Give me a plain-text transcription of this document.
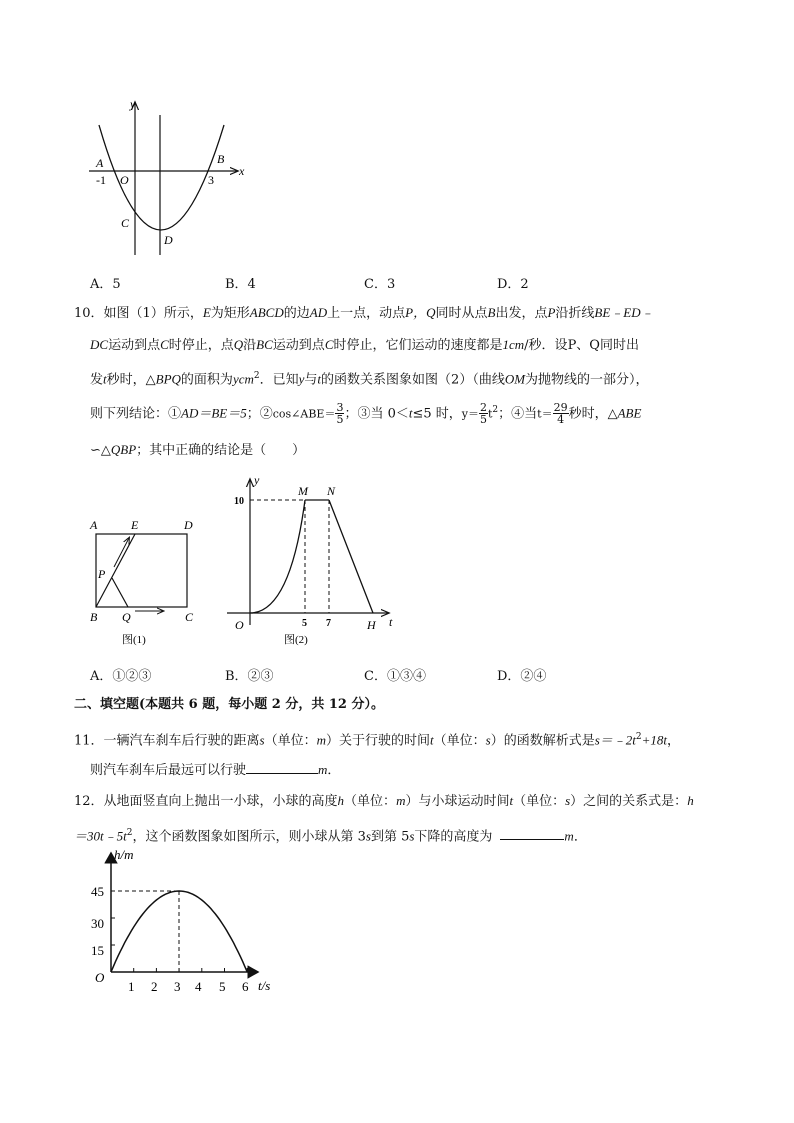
y
x
A	B
C
D
O
-1	3
A．5	B．4	C．3	D．2
10．如图（1）所示，E为矩形ABCD的边AD上一点，动点P，Q同时从点B出发，点P沿折线BE﹣ED﹣
DC运动到点C时停止，点Q沿BC运动到点C时停止，它们运动的速度都是1cm/秒．设P、Q同时出
发t秒时，△BPQ的面积为ycm$^2$．已知y与t的函数关系图象如图（2）（曲线OM为抛物线的一部分），
则下列结论：①AD＝BE＝5；②cos∠ABE＝ $\frac{3}{5}$ ；③当 0＜t≤5 时，$y= \frac{2}{5} t^2$；④当$t= \frac{29}{4}$ 秒时，△ABE
∽△QBP；其中正确的结论是（　　）
A	E	D
P
B Q	C
图(1)
y
M N
10
O	5 7	H t
图(2)
A．①②③	B．②③	C．①③④	D．②④
二、填空题(本题共 6 题，每小题 2 分，共 12 分）。
11．一辆汽车刹车后行驶的距离s（单位：m）关于行驶的时间t（单位：s）的函数解析式是$s=﹣2t^2+18t$，
则汽车刹车后最远可以行驶	m．
12．从地面竖直向上抛出一小球，小球的高度h（单位：m）与小球运动时间t（单位：s）之间的关系式是：h
$=30t﹣5t^2$，这个函数图象如图所示，则小球从第 3s到第 5s下降的高度为	m．
h/m
t/s
O
45
30
15
1 2 3 4 5 6
